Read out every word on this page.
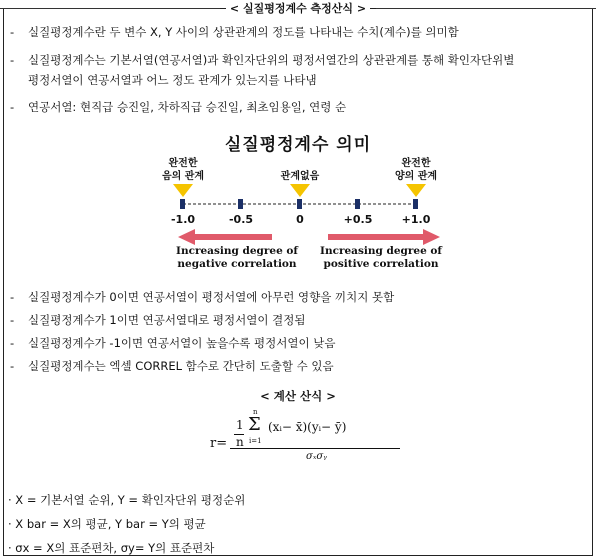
< 실질평정계수 측정산식 >
- 실질평정계수란 두 변수 X, Y 사이의 상관관계의 정도를 나타내는 수치(계수)를 의미함
- 실질평정계수는 기본서열(연공서열)과 확인자단위의 평정서열간의 상관관계를 통해 확인자단위별
평정서열이 연공서열과 어느 정도 관계가 있는지를 나타냄
- 연공서열: 현직급 승진일, 차하직급 승진일, 최초임용일, 연령 순
실질평정계수 의미
완전한
음의 관계	관계없음
완전한
양의 관계
-1.0	-0.5	0	+0.5	+1.0
Increasing degree of
negative correlation
Increasing degree of
positive correlation
- 실질평정계수가 0이면 연공서열이 평정서열에 아무런 영향을 끼치지 못함
- 실질평정계수가 1이면 연공서열대로 평정서열이 결정됨
- 실질평정계수가 -1이면 연공서열이 높을수록 평정서열이 낮음
- 실질평정계수는 엑셀 CORREL 함수로 간단히 도출할 수 있음
< 계산 산식 >
r=
1
n
n
Σ
i=1
(xᵢ− x̄)(yᵢ− ȳ)
σₓσᵧ
· X = 기본서열 순위, Y = 확인자단위 평정순위
· X bar = X의 평균, Y bar = Y의 평균
· σx = X의 표준편차, σy= Y의 표준편차
